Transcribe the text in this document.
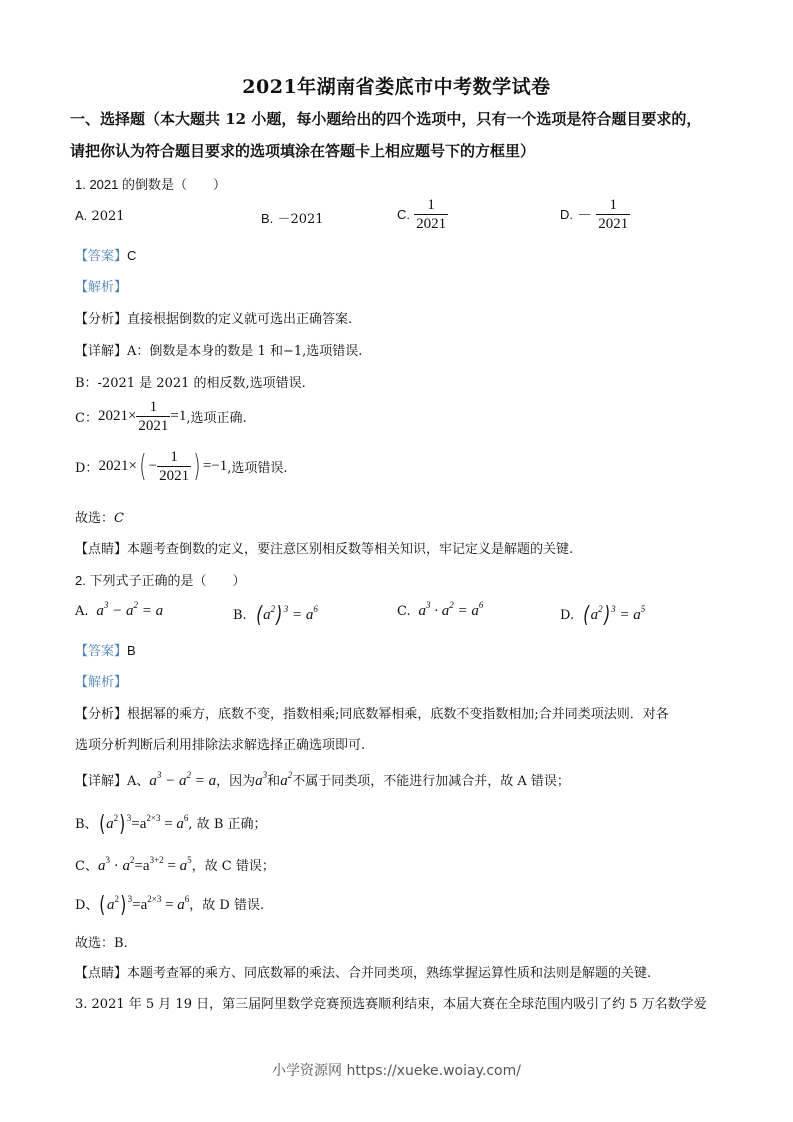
2021年湖南省娄底市中考数学试卷
一、选择题（本大题共 12 小题，每小题给出的四个选项中，只有一个选项是符合题目要求的，
请把你认为符合题目要求的选项填涂在答题卡上相应题号下的方框里）
1. 2021 的倒数是（　　）
A. 2021	B. －2021	C. $\frac{1}{2021}$	D. － $\frac{1}{2021}$
【答案】C
【解析】
【分析】直接根据倒数的定义就可选出正确答案.
【详解】A：倒数是本身的数是 1 和−1,选项错误.
B：-2021 是 2021 的相反数,选项错误.
C：$2021\times \frac{1}{2021} =1$,选项正确.
D：$2021\times( - \frac{1}{2021}$ ) =−1,选项错误.
故选：C
【点睛】本题考查倒数的定义，要注意区别相反数等相关知识，牢记定义是解题的关键.
2. 下列式子正确的是（　　）
A.  $a^3 - a^2 = a$	B. $(a^2)^3 = a^6$	C.  $a^3 \cdot a^2 = a^6$
D. $(a^2)^3 = a^5$
【答案】B
【解析】
【分析】根据幂的乘方，底数不变，指数相乘;同底数幂相乘，底数不变指数相加;合并同类项法则．对各
选项分析判断后利用排除法求解选择正确选项即可.
【详解】A、$a^3 - a^2 = a$，因为$a^3$和$a^2$不属于同类项，不能进行加减合并，故 A 错误；
B、$(a^2)^3=a^{2\times 3} = a^6$, 故 B 正确；
C、$a^3 \cdot a^2=a^{3+2} = a^5$，故 C 错误；
D、$(a^2)^3=a^{2\times 3} = a^6$，故 D 错误.
故选：B.
【点睛】本题考查幂的乘方、同底数幂的乘法、合并同类项，熟练掌握运算性质和法则是解题的关键.
3. 2021 年 5 月 19 日，第三届阿里数学竞赛预选赛顺利结束，本届大赛在全球范围内吸引了约 5 万名数学爱
小学资源网 https://xueke.woiay.com/
